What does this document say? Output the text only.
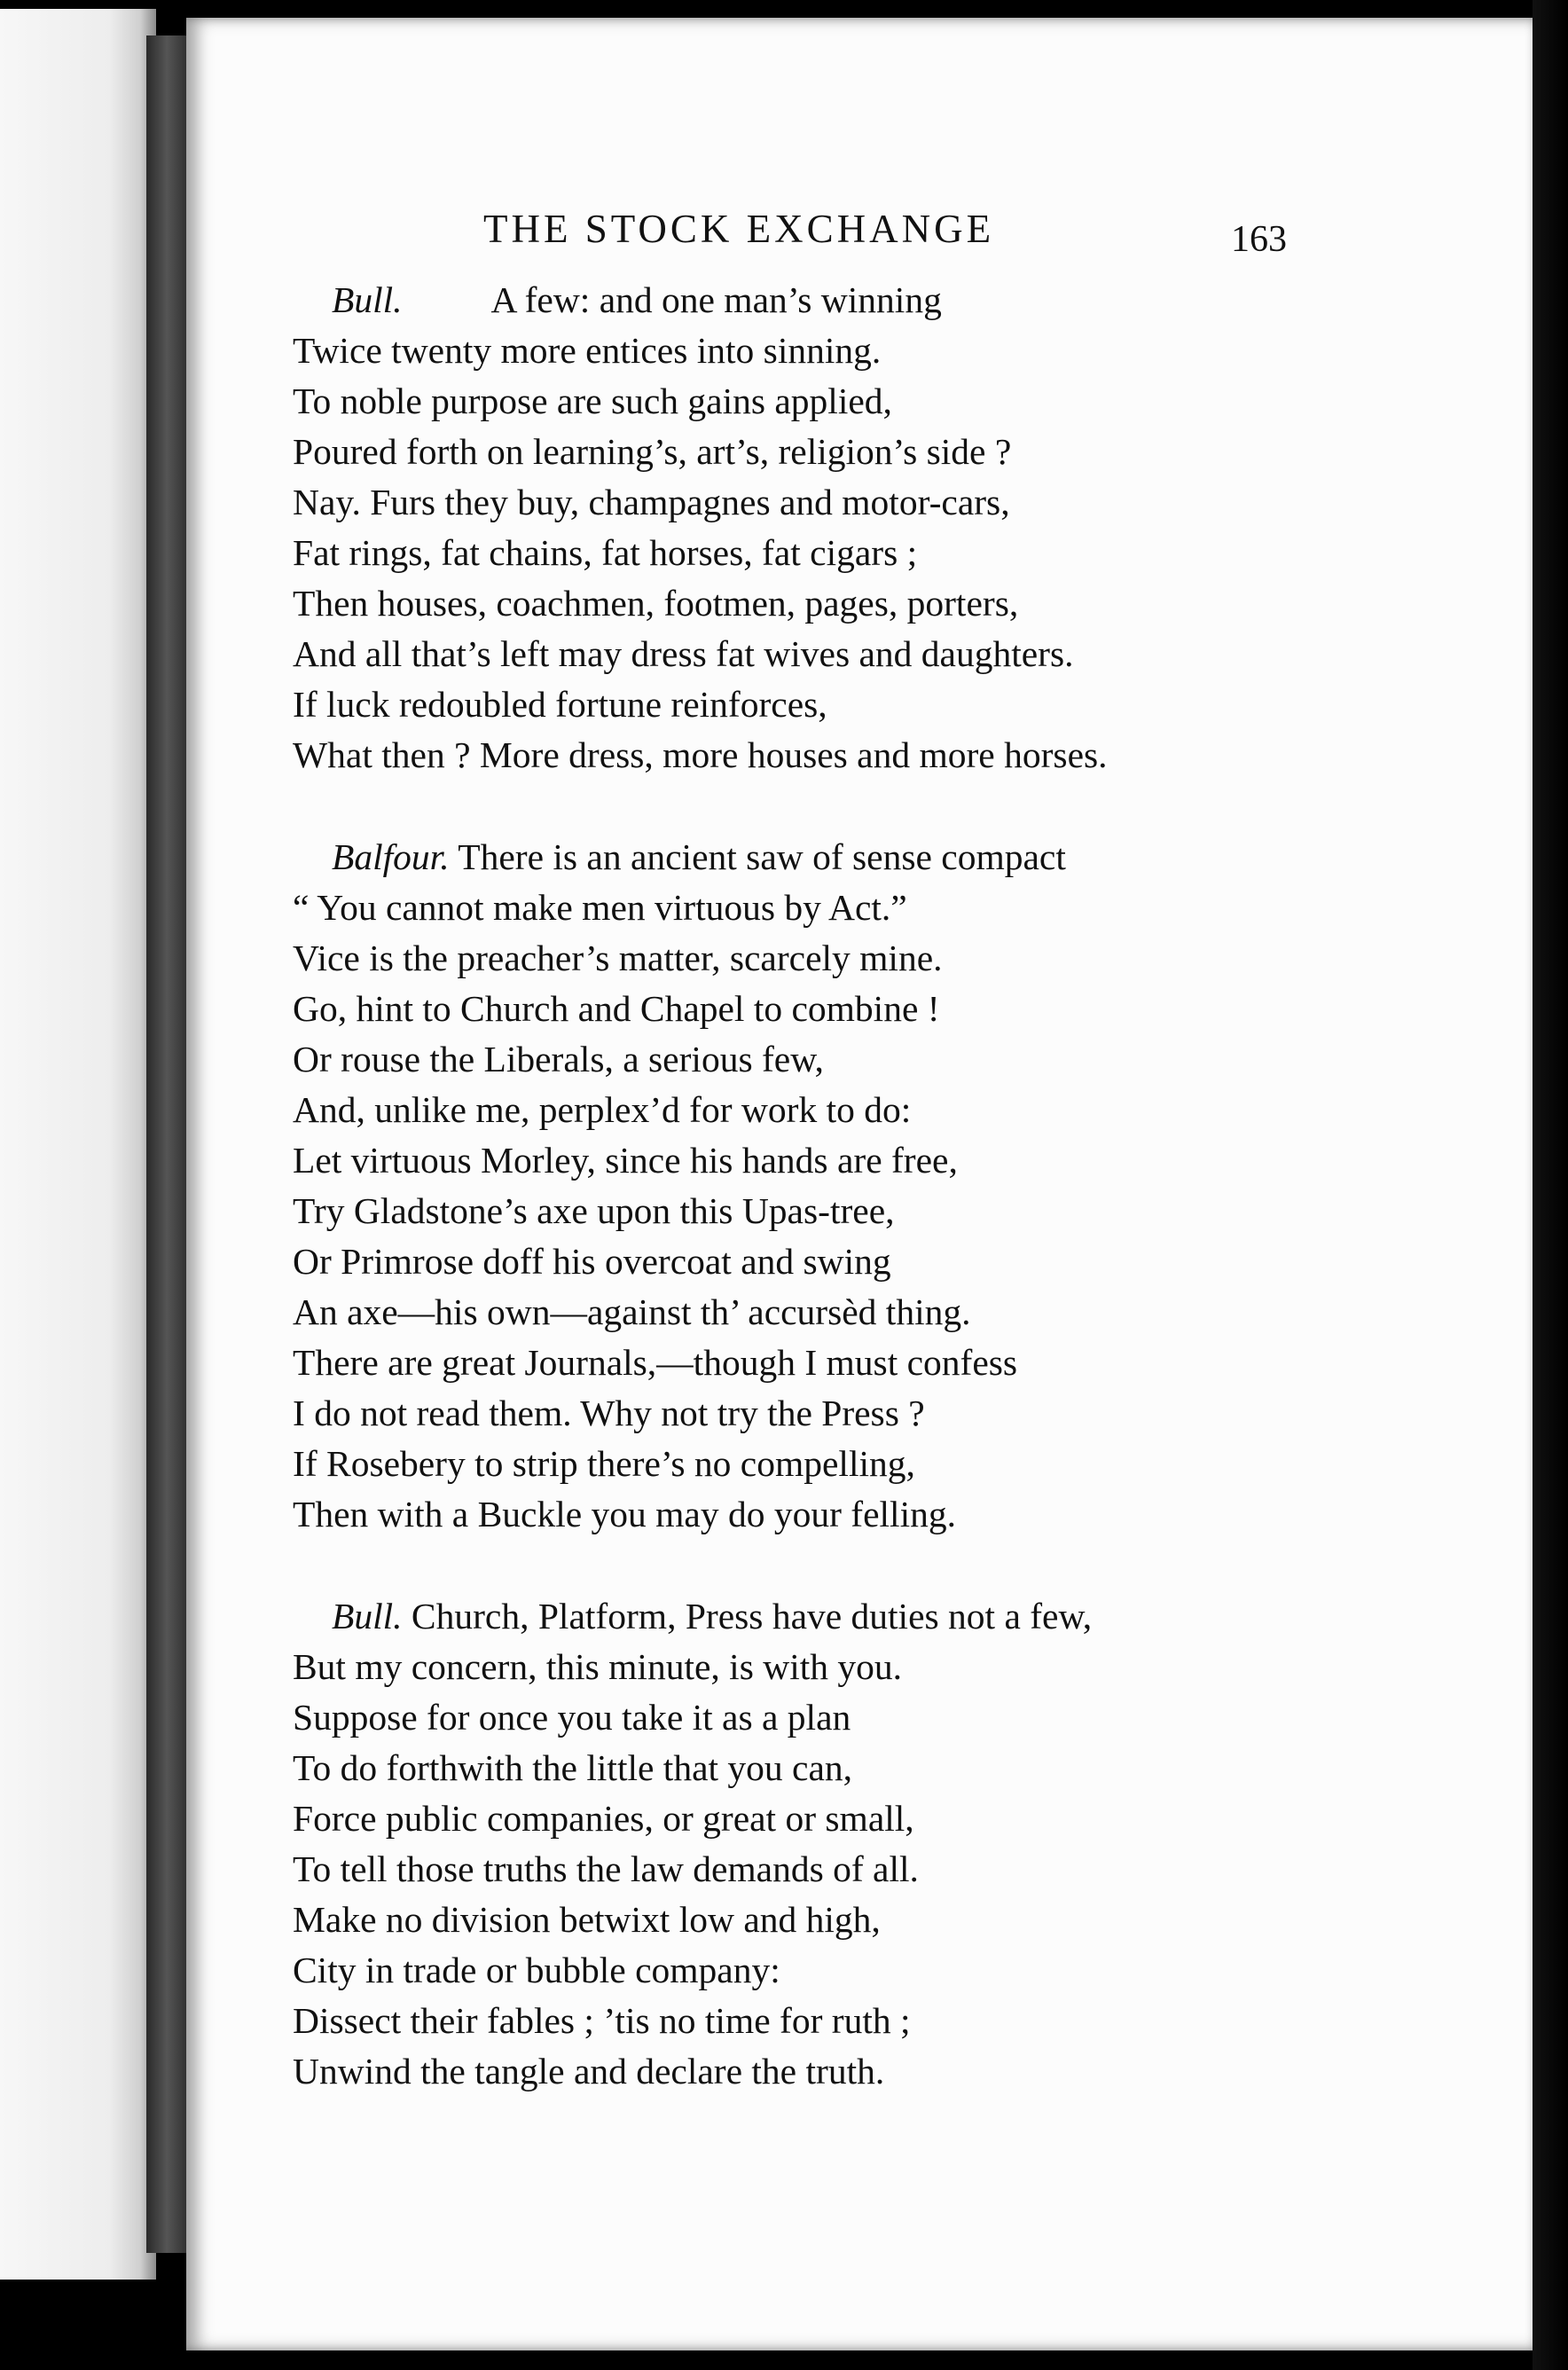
THE STOCK EXCHANGE	163
Bull. A few: and one man’s winning
Twice twenty more entices into sinning.
To noble purpose are such gains applied,
Poured forth on learning’s, art’s, religion’s side ?
Nay. Furs they buy, champagnes and motor-cars,
Fat rings, fat chains, fat horses, fat cigars ;
Then houses, coachmen, footmen, pages, porters,
And all that’s left may dress fat wives and daughters.
If luck redoubled fortune reinforces,
What then ? More dress, more houses and more horses.
Balfour. There is an ancient saw of sense compact
“ You cannot make men virtuous by Act.”
Vice is the preacher’s matter, scarcely mine.
Go, hint to Church and Chapel to combine !
Or rouse the Liberals, a serious few,
And, unlike me, perplex’d for work to do:
Let virtuous Morley, since his hands are free,
Try Gladstone’s axe upon this Upas-tree,
Or Primrose doff his overcoat and swing
An axe—his own—against th’ accursèd thing.
There are great Journals,—though I must confess
I do not read them. Why not try the Press ?
If Rosebery to strip there’s no compelling,
Then with a Buckle you may do your felling.
Bull. Church, Platform, Press have duties not a few,
But my concern, this minute, is with you.
Suppose for once you take it as a plan
To do forthwith the little that you can,
Force public companies, or great or small,
To tell those truths the law demands of all.
Make no division betwixt low and high,
City in trade or bubble company:
Dissect their fables ; ’tis no time for ruth ;
Unwind the tangle and declare the truth.
